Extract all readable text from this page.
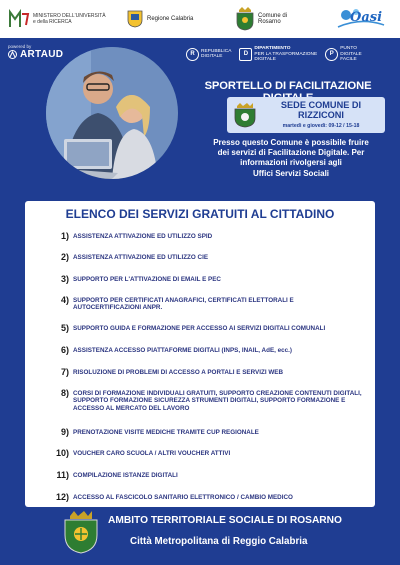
MINISTERO DELL'UNIVERSITÀ
e della RICERCA	Regione Calabria	Comune di
Rosarno	Oasi
powered by
ARTAUD	R	REPUBBLICA
DIGITALE
D
DIPARTIMENTO
PER LA TRASFORMAZIONE
DIGITALE
P
PUNTO
DIGITALE
FACILE
SPORTELLO DI FACILITAZIONE
SEDE COMUNE DI
RIZZICONI
martedì e giovedì: 09-12 / 15-18
Presso questo Comune è possibile fruire
dei servizi di Facilitazione Digitale. Per
informazioni rivolgersi agli
Uffici Servizi Sociali
ELENCO DEI SERVIZI GRATUITI AL CITTADINO
1) ASSISTENZA ATTIVAZIONE ED UTILIZZO SPID
2) ASSISTENZA ATTIVAZIONE ED UTILIZZO CIE
3) SUPPORTO PER L'ATTIVAZIONE DI EMAIL E PEC
4) SUPPORTO PER CERTIFICATI ANAGRAFICI, CERTIFICATI ELETTORALI E AUTOCERTIFICAZIONI ANPR.
5) SUPPORTO GUIDA E FORMAZIONE PER ACCESSO AI SERVIZI DIGITALI COMUNALI
6) ASSISTENZA ACCESSO PIATTAFORME DIGITALI (INPS, INAIL, AdE, ecc.)
7) RISOLUZIONE DI PROBLEMI DI ACCESSO A PORTALI E SERVIZI WEB
8) CORSI DI FORMAZIONE INDIVIDUALI GRATUITI, SUPPORTO CREAZIONE CONTENUTI DIGITALI, SUPPORTO FORMAZIONE SICUREZZA STRUMENTI DIGITALI, SUPPORTO FORMAZIONE E ACCESSO AL MERCATO DEL LAVORO
9) PRENOTAZIONE VISITE MEDICHE TRAMITE CUP REGIONALE
10) VOUCHER CARO SCUOLA / ALTRI VOUCHER ATTIVI
11) COMPILAZIONE ISTANZE DIGITALI
12) ACCESSO AL FASCICOLO SANITARIO ELETTRONICO / CAMBIO MEDICO
AMBITO TERRITORIALE SOCIALE DI ROSARNO
Città Metropolitana di Reggio Calabria
